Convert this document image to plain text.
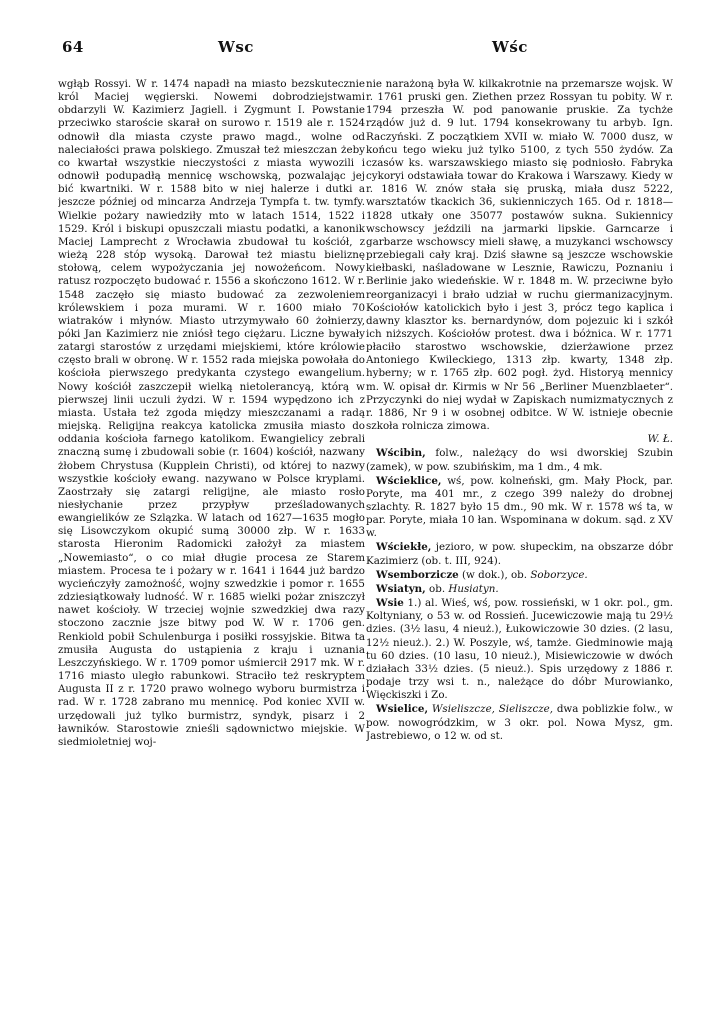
64	Wsc	Wśc

wgłąb Rossyi. W r. 1474 napadł na miasto bezskutecznie król Maciej węgierski. Nowemi dobrodziejstwami obdarzyli W. Kazimierz Jagiell. i Zygmunt I. Powstanie przeciwko staroście skarał on surowo r. 1519 ale r. 1524 odnowił dla miasta czyste prawo magd., wolne od naleciałości prawa polskiego. Zmuszał też mieszczan żeby co kwartał wszystkie nieczystości z miasta wywozili i odnowił podupadłą mennicę wschowską, pozwalając jej bić kwartniki. W r. 1588 bito w niej halerze i dutki a jeszcze później od mincarza Andrzeja Tympfa t. tw. tymfy. Wielkie pożary nawiedziły mto w latach 1514, 1522 i 1529. Król i biskupi opuszczali miastu podatki, a kanonik Maciej Lamprecht z Wrocławia zbudował tu kościół, z wieżą 228 stóp wysoką. Darował też miastu bieliznę stołową, celem wypożyczania jej nowożeńcom. Nowy ratusz rozpoczęto budować r. 1556 a skończono 1612. W r. 1548 zaczęło się miasto budować za zezwoleniem królewskiem i poza murami. W r. 1600 miało 70 wiatraków i młynów. Miasto utrzymywało 60 żołnierzy, póki Jan Kazimierz nie zniósł tego ciężaru. Liczne bywały zatargi starostów z urzędami miejskiemi, które królowie często brali w obronę. W r. 1552 rada miejska powołała do kościoła pierwszego predykanta czystego ewangelium. Nowy kościół zaszczepił wielką nietolerancyą, którą w pierwszej linii uczuli żydzi. W r. 1594 wypędzono ich z miasta. Ustała też zgoda między mieszczanami a radą miejską. Religijna reakcya katolicka zmusiła miasto do oddania kościoła farnego katolikom. Ewangielicy zebrali znaczną sumę i zbudowali sobie (r. 1604) kościół, nazwany żłobem Chrystusa (Kupplein Christi), od której to nazwy wszystkie kościoły ewang. nazywano w Polsce kryplami. Zaostrzały się zatargi religijne, ale miasto rosło niesłychanie przez przypływ prześladowanych ewangielików ze Szlązka. W latach od 1627—1635 mogło się Lisowczykom okupić sumą 30000 złp. W r. 1633 starosta Hieronim Radomicki założył za miastem „Nowemiasto“, o co miał długie procesa ze Starem miastem. Procesa te i pożary w r. 1641 i 1644 już bardzo wycieńczyły zamożność, wojny szwedzkie i pomor r. 1655 zdziesiątkowały ludność. W r. 1685 wielki pożar zniszczył nawet kościoły. W trzeciej wojnie szwedzkiej dwa razy stoczono zacznie jsze bitwy pod W. W r. 1706 gen. Renkiold pobił Schulenburga i posiłki rossyjskie. Bitwa ta zmusiła Augusta do ustąpienia z kraju i uznania Leszczyńskiego. W r. 1709 pomor uśmiercił 2917 mk. W r. 1716 miasto uległo rabunkowi. Straciło też reskryptem Augusta II z r. 1720 prawo wolnego wyboru burmistrza i rad. W r. 1728 zabrano mu mennicę. Pod koniec XVII w. urzędowali już tylko burmistrz, syndyk, pisarz i 2 ławników. Starostowie znieśli sądownictwo miejskie. W siedmioletniej woj-

nie narażoną była W. kilkakrotnie na przemarsze wojsk. W r. 1761 pruski gen. Ziethen przez Rossyan tu pobity. W r. 1794 przeszła W. pod panowanie pruskie. Za tychże rządów już d. 9 lut. 1794 konsekrowany tu arbyb. Ign. Raczyński. Z początkiem XVII w. miało W. 7000 dusz, w końcu tego wieku już tylko 5100, z tych 550 żydów. Za czasów ks. warszawskiego miasto się podniosło. Fabryka cykoryi odstawiała towar do Krakowa i Warszawy. Kiedy w r. 1816 W. znów stała się pruską, miała dusz 5222, warsztatów tkackich 36, sukienniczych 165. Od r. 1818—1828 utkały one 35077 postawów sukna. Sukiennicy wschowscy jeździli na jarmarki lipskie. Garncarze i garbarze wschowscy mieli sławę, a muzykanci wschowscy przebiegali cały kraj. Dziś sławne są jeszcze wschowskie kiełbaski, naśladowane w Lesznie, Rawiczu, Poznaniu i Berlinie jako wiedeńskie. W r. 1848 m. W. przeciwne było reorganizacyi i brało udział w ruchu giermanizacyjnym. Kościołów katolickich było i jest 3, prócz tego kaplica i dawny klasztor ks. bernardynów, dom pojezuic ki i szkół ich niższych. Kościołów protest. dwa i bóżnica. W r. 1771 płaciło starostwo wschowskie, dzierżawione przez Antoniego Kwileckiego, 1313 złp. kwarty, 1348 złp. hyberny; w r. 1765 złp. 602 pogł. żyd. Historyą mennicy m. W. opisał dr. Kirmis w Nr 56 „Berliner Muenzblaeter“. Przyczynki do niej wydał w Zapiskach numizmatycznych z r. 1886, Nr 9 i w osobnej odbitce. W W. istnieje obecnie szkoła rolnicza zimowa.

W. Ł.

Wścibin, folw., należący do wsi dworskiej Szubin (zamek), w pow. szubińskim, ma 1 dm., 4 mk.

Wścieklice, wś, pow. kolneński, gm. Mały Płock, par. Poryte, ma 401 mr., z czego 399 należy do drobnej szlachty. R. 1827 było 15 dm., 90 mk. W r. 1578 wś ta, w par. Poryte, miała 10 łan. Wspominana w dokum. sąd. z XV w.

Wściekłe, jezioro, w pow. słupeckim, na obszarze dóbr Kazimierz (ob. t. III, 924).

Wsemborzicze (w dok.), ob. Soborzyce.

Wsiatyn, ob. Husiatyn.

Wsie 1.) al. Wieś, wś, pow. rossieński, w 1 okr. pol., gm. Koltyniany, o 53 w. od Rossień. Jucewiczowie mają tu 29½ dzies. (3½ lasu, 4 nieuż.), Łukowiczowie 30 dzies. (2 lasu, 12½ nieuż.). 2.) W. Poszyle, wś, tamże. Giedminowie mają tu 60 dzies. (10 lasu, 10 nieuż.), Misiewiczowie w dwóch działach 33½ dzies. (5 nieuż.). Spis urzędowy z 1886 r. podaje trzy wsi t. n., należące do dóbr Murowianko, Więckiszki i Zo.

Wsielice, Wsieliszcze, Sieliszcze, dwa poblizkie folw., w pow. nowogródzkim, w 3 okr. pol. Nowa Mysz, gm. Jastrebiewo, o 12 w. od st.
